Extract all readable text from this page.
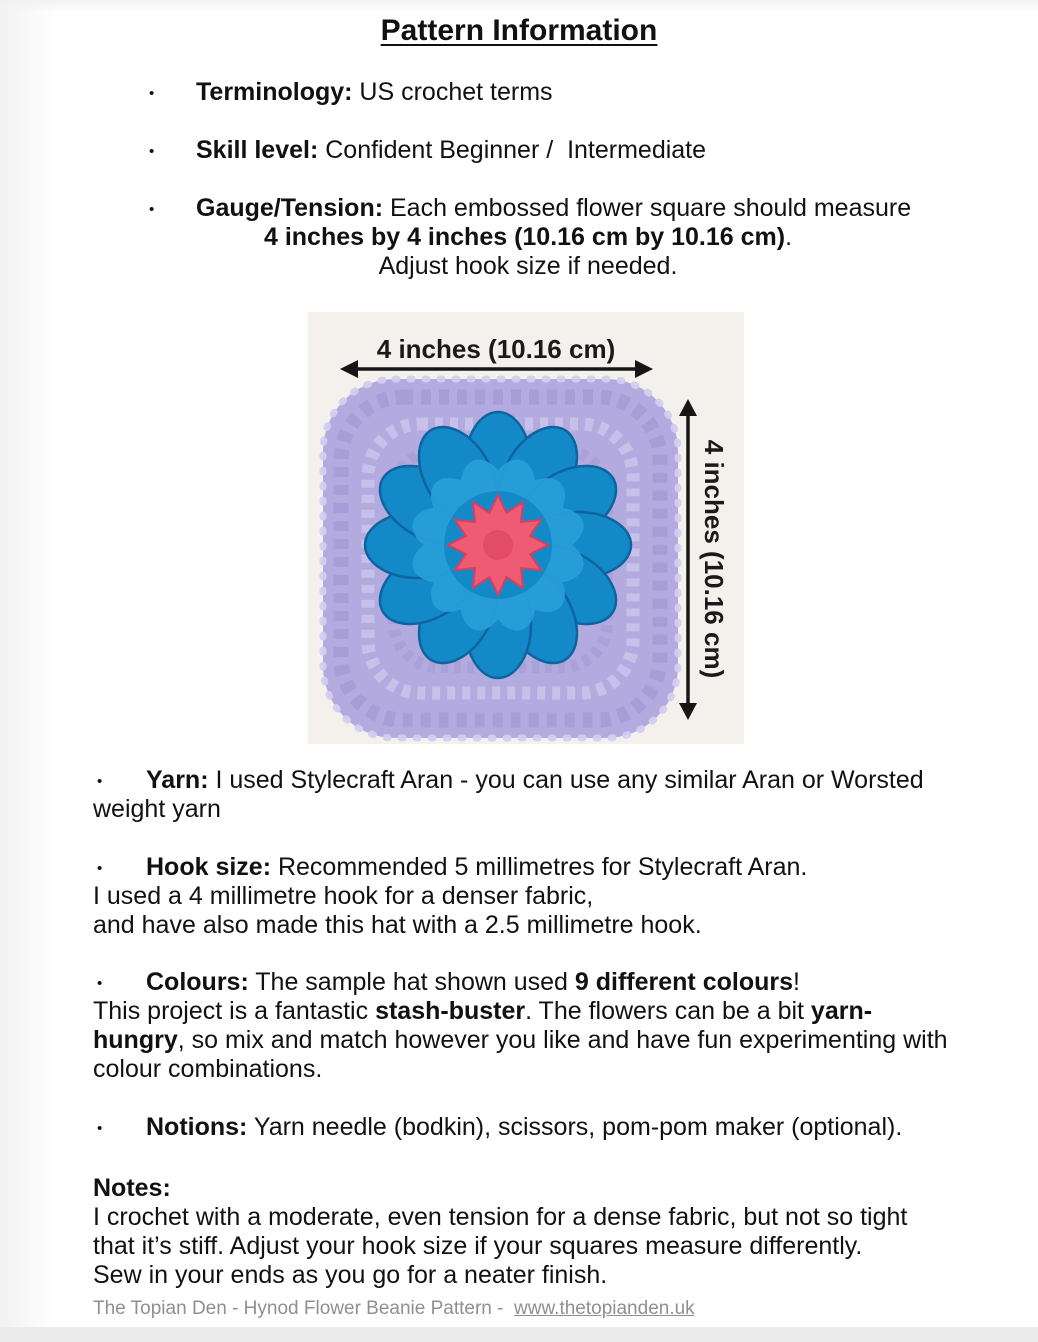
Pattern Information
• Terminology: US crochet terms
• Skill level: Confident Beginner /  Intermediate
• Gauge/Tension: Each embossed flower square should measure
4 inches by 4 inches (10.16 cm by 10.16 cm).
Adjust hook size if needed.
4 inches (10.16 cm)
4 inches (10.16 cm)
• Yarn: I used Stylecraft Aran - you can use any similar Aran or Worsted
weight yarn
• Hook size: Recommended 5 millimetres for Stylecraft Aran.
I used a 4 millimetre hook for a denser fabric,
and have also made this hat with a 2.5 millimetre hook.
• Colours: The sample hat shown used 9 different colours!
This project is a fantastic stash-buster. The flowers can be a bit yarn-
hungry, so mix and match however you like and have fun experimenting with
colour combinations.
• Notions: Yarn needle (bodkin), scissors, pom-pom maker (optional).
Notes:
I crochet with a moderate, even tension for a dense fabric, but not so tight
that it’s stiff. Adjust your hook size if your squares measure differently.
Sew in your ends as you go for a neater finish.
The Topian Den - Hynod Flower Beanie Pattern -  www.thetopianden.uk
